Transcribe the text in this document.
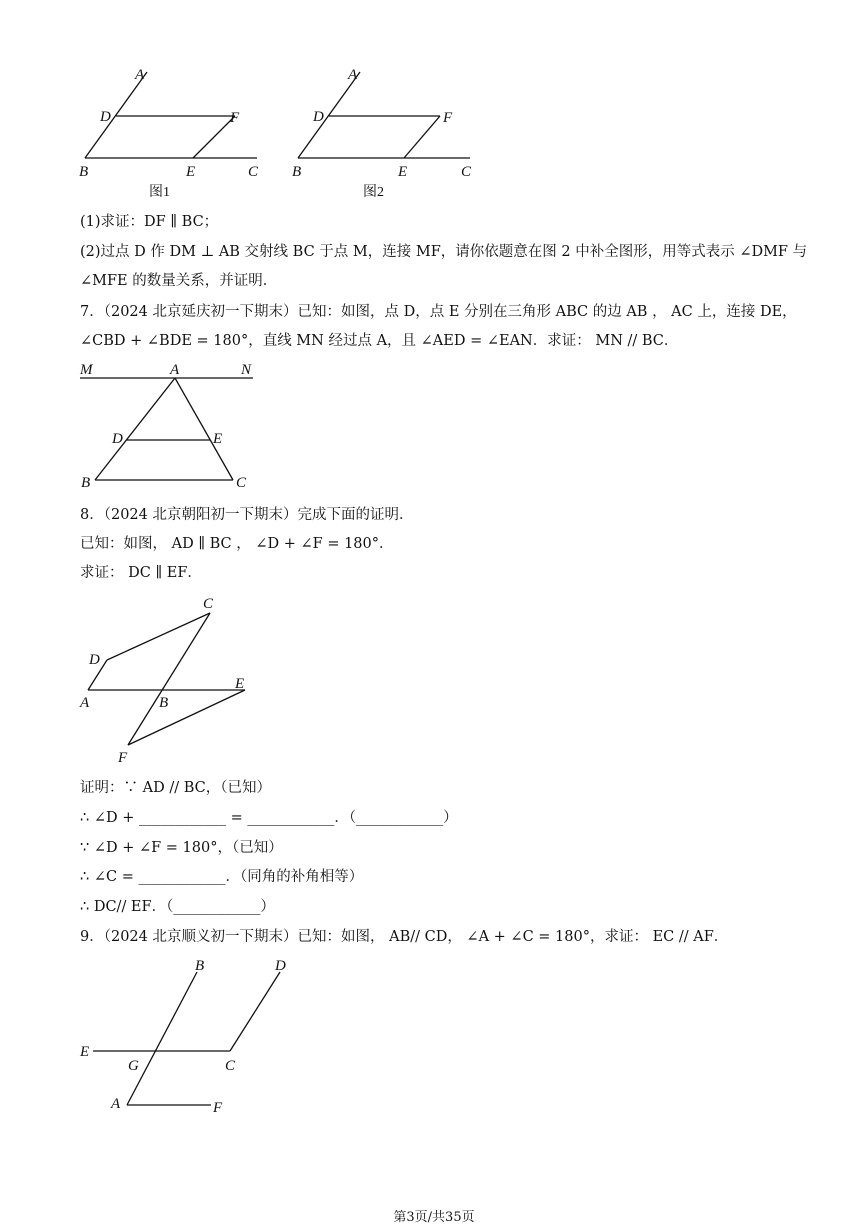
A
D	F
B	E	C
图1
A
D	F
B	E	C
图2
(1)求证：DF ∥ BC；
(2)过点 D 作 DM ⊥ AB 交射线 BC 于点 M，连接 MF，请你依题意在图 2 中补全图形，用等式表示 ∠DMF 与
∠MFE 的数量关系，并证明．
7．（2024 北京延庆初一下期末）已知：如图，点 D，点 E 分别在三角形 ABC 的边 AB ， AC 上，连接 DE，
∠CBD + ∠BDE = 180°，直线 MN 经过点 A，且 ∠AED = ∠EAN．求证： MN // BC．
M	A	N
D	E
B	C
8．（2024 北京朝阳初一下期末）完成下面的证明．
已知：如图， AD ∥ BC ， ∠D + ∠F = 180°．
求证： DC ∥ EF．
C
D
E
A	B
F
证明：∵ AD // BC，（已知）
∴ ∠D + ____________ = ____________．（____________）
∵ ∠D + ∠F = 180°，（已知）
∴ ∠C = ____________．（同角的补角相等）
∴ DC// EF．（____________）
9．（2024 北京顺义初一下期末）已知：如图， AB// CD， ∠A + ∠C = 180°，求证： EC // AF．
B	D
E
G	C
A	F
第3页/共35页
